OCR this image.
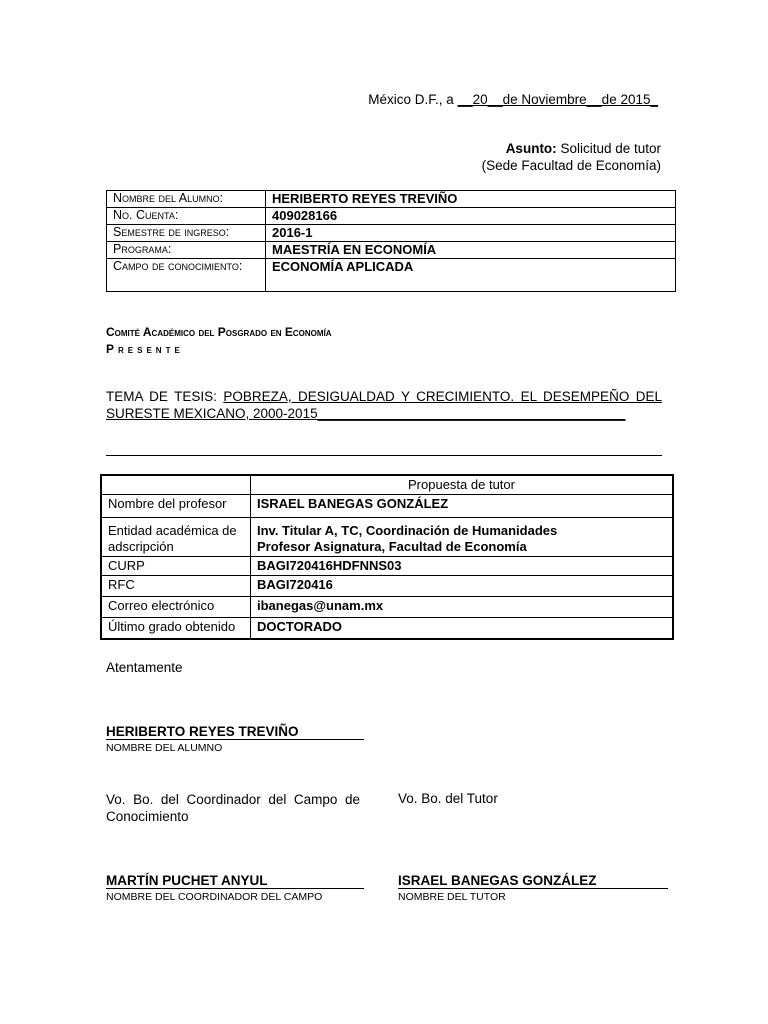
México D.F., a __20__de Noviembre__de 2015_
Asunto: Solicitud de tutor
(Sede Facultad de Economía)
Nombre del Alumno:	HERIBERTO REYES TREVIÑO
No. Cuenta:	409028166
Semestre de ingreso:	2016-1
Programa:	MAESTRÍA EN ECONOMÍA
Campo de conocimiento:	ECONOMÍA APLICADA
Comité Académico del Posgrado en Economía
Presente
TEMA DE TESIS: POBREZA, DESIGUALDAD Y CRECIMIENTO. EL DESEMPEÑO DEL SURESTE MEXICANO, 2000-2015_________________________________________
	Propuesta de tutor
Nombre del profesor	ISRAEL BANEGAS GONZÁLEZ
Entidad académica de adscripción	Inv. Titular A, TC, Coordinación de Humanidades
Profesor Asignatura, Facultad de Economía

CURP	BAGI720416HDFNNS03
RFC	BAGI720416
Correo electrónico	ibanegas@unam.mx
Último grado obtenido	DOCTORADO
Atentamente
HERIBERTO REYES TREVIÑO
NOMBRE DEL ALUMNO
Vo. Bo. del Coordinador del Campo de Conocimiento
Vo. Bo. del Tutor
MARTÍN PUCHET ANYUL
NOMBRE DEL COORDINADOR DEL CAMPO
ISRAEL BANEGAS GONZÁLEZ
NOMBRE DEL TUTOR
